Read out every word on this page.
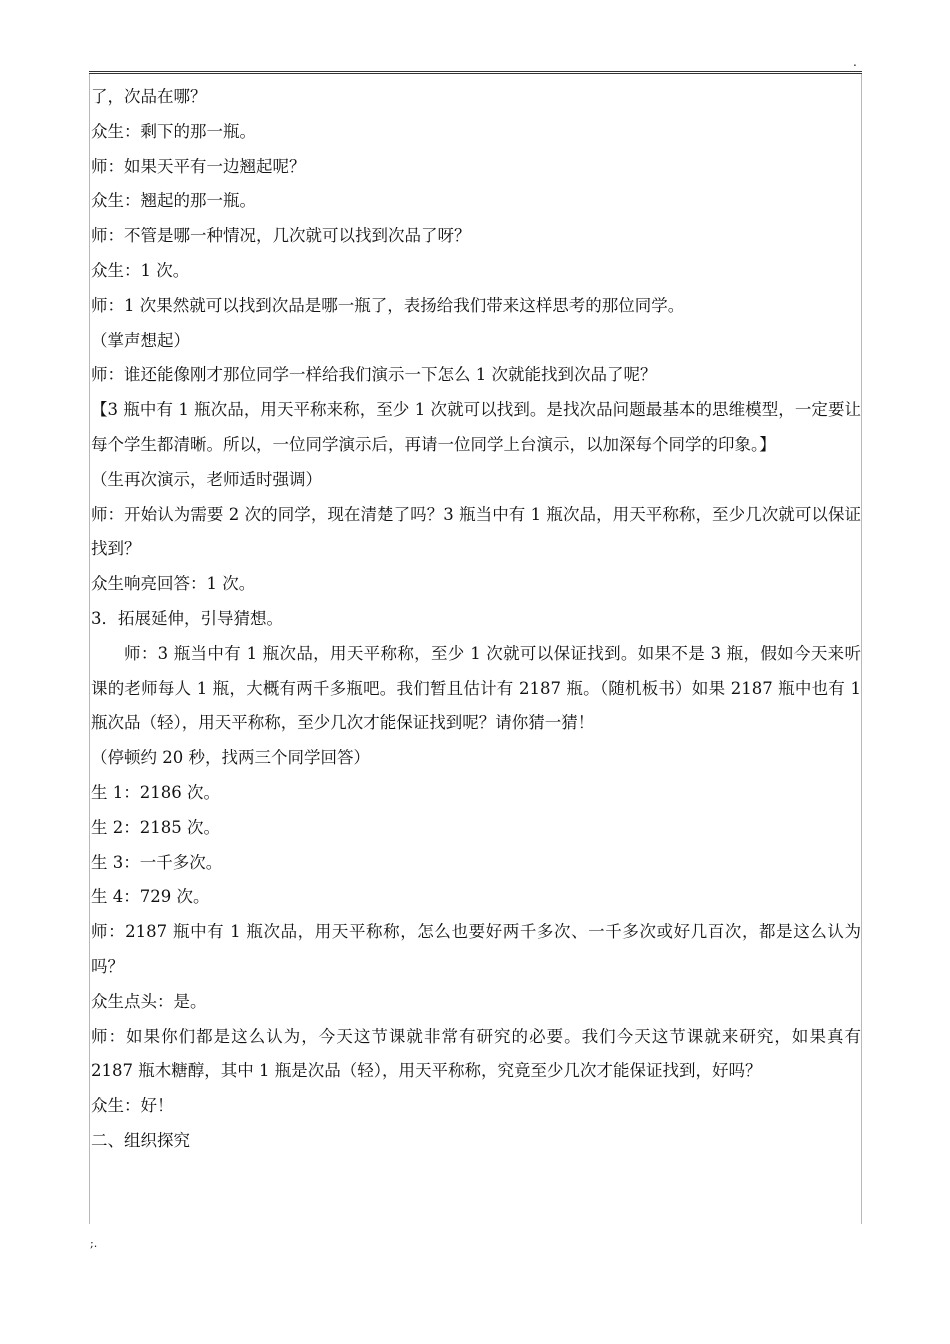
.

了，次品在哪？

众生：剩下的那一瓶。

师：如果天平有一边翘起呢？

众生：翘起的那一瓶。

师：不管是哪一种情况，几次就可以找到次品了呀？

众生：1 次。

师：1 次果然就可以找到次品是哪一瓶了，表扬给我们带来这样思考的那位同学。

（掌声想起）

师：谁还能像刚才那位同学一样给我们演示一下怎么 1 次就能找到次品了呢？

【3 瓶中有 1 瓶次品，用天平称来称，至少 1 次就可以找到。是找次品问题最基本的思维模型，一定要让每个学生都清晰。所以，一位同学演示后，再请一位同学上台演示，以加深每个同学的印象。】

（生再次演示，老师适时强调）

师：开始认为需要 2 次的同学，现在清楚了吗？3 瓶当中有 1 瓶次品，用天平称称，至少几次就可以保证找到？

众生响亮回答：1 次。

3．拓展延伸，引导猜想。

师：3 瓶当中有 1 瓶次品，用天平称称，至少 1 次就可以保证找到。如果不是 3 瓶，假如今天来听课的老师每人 1 瓶，大概有两千多瓶吧。我们暂且估计有 2187 瓶。（随机板书）如果 2187 瓶中也有 1 瓶次品（轻），用天平称称，至少几次才能保证找到呢？请你猜一猜！

（停顿约 20 秒，找两三个同学回答）

生 1：2186 次。

生 2：2185 次。

生 3：一千多次。

生 4：729 次。

师：2187 瓶中有 1 瓶次品，用天平称称，怎么也要好两千多次、一千多次或好几百次，都是这么认为吗？

众生点头：是。

师：如果你们都是这么认为，今天这节课就非常有研究的必要。我们今天这节课就来研究，如果真有 2187 瓶木糖醇，其中 1 瓶是次品（轻），用天平称称，究竟至少几次才能保证找到，好吗？

众生：好！

二、组织探究

;.
